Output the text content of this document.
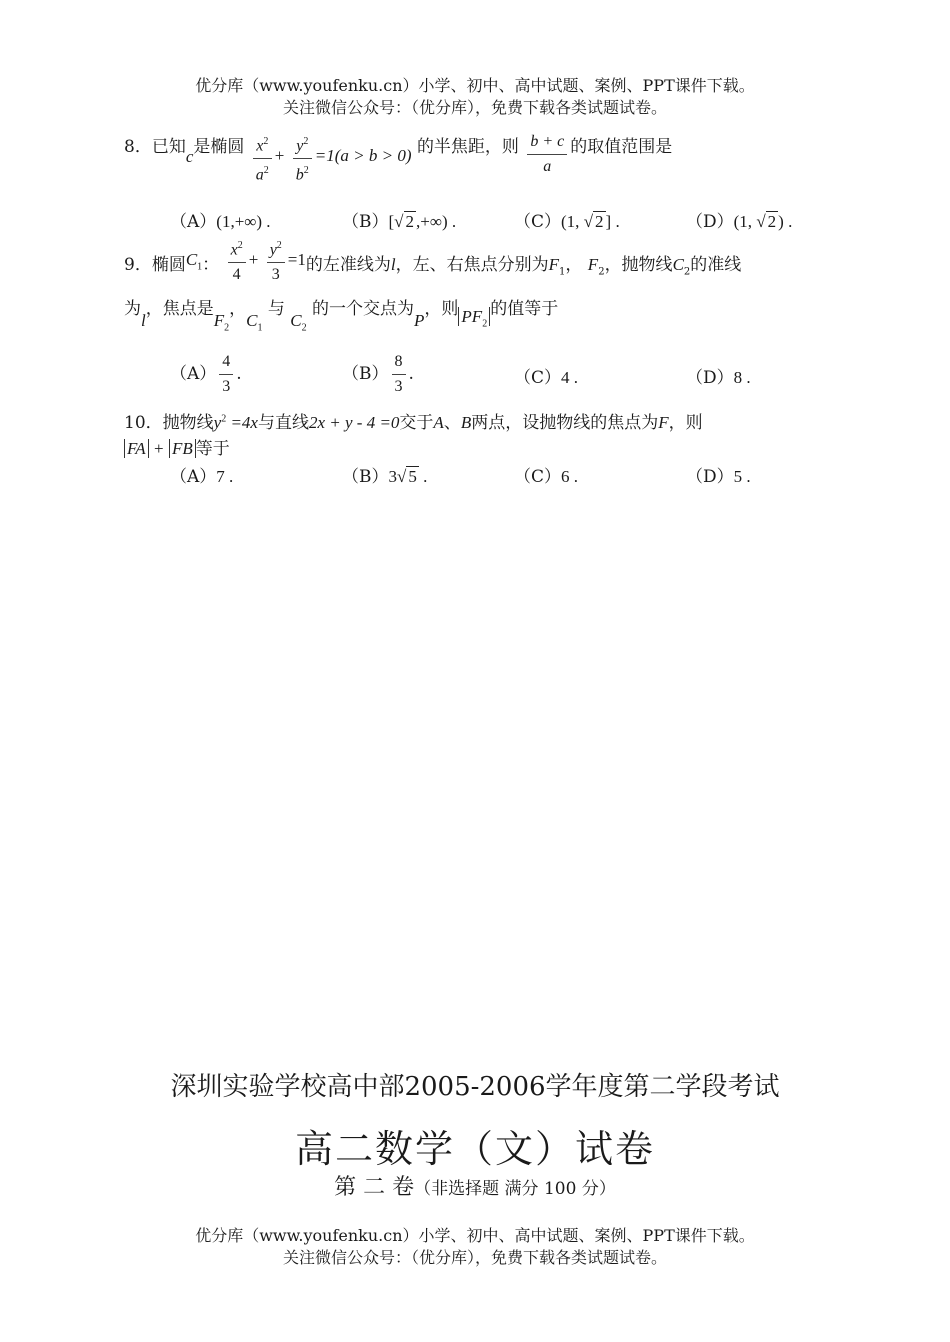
优分库（www.youfenku.cn）小学、初中、高中试题、案例、PPT课件下载。
关注微信公众号：（优分库），免费下载各类试题试卷。
8．已知c是椭圆 $\frac{x^2}{a^2} + \frac{y^2}{b^2} =1(a > b > 0)$ 的半焦距，则 $\frac{b + c}{a}$ 的取值范围是
（A）(1,+∞) .	（B）[√ 2 ,+∞) .	（C）(1, √ 2 ] .	（D）(1, √ 2 ) .
9．椭圆$C_1$： $\frac{x^2}{4} + \frac{y^2}{3} =1$的左准线为l，左、右焦点分别为$F_1$， $F_2$，抛物线$C_2$的准线
为l，焦点是$F_2$，$C_1$ 与 $C_2$ 的一个交点为P，则 $PF_2$的值等于
$(A) \frac{4}{3}$ .	$(B) \frac{8}{3}$ .	（C）4 .	（D）8 .
10．抛物线$y^2 =4x$与直线2x + y - 4 =0交于A、B两点，设抛物线的焦点为F，则
FA + FB 等于
（A）7 .	（B）3√ 5 .	（C）6 .	（D）5 .
深圳实验学校高中部2005-2006学年度第二学段考试
高二数学（文）试卷
第 二 卷（非选择题 满分 100 分）
优分库（www.youfenku.cn）小学、初中、高中试题、案例、PPT课件下载。
关注微信公众号：（优分库），免费下载各类试题试卷。
